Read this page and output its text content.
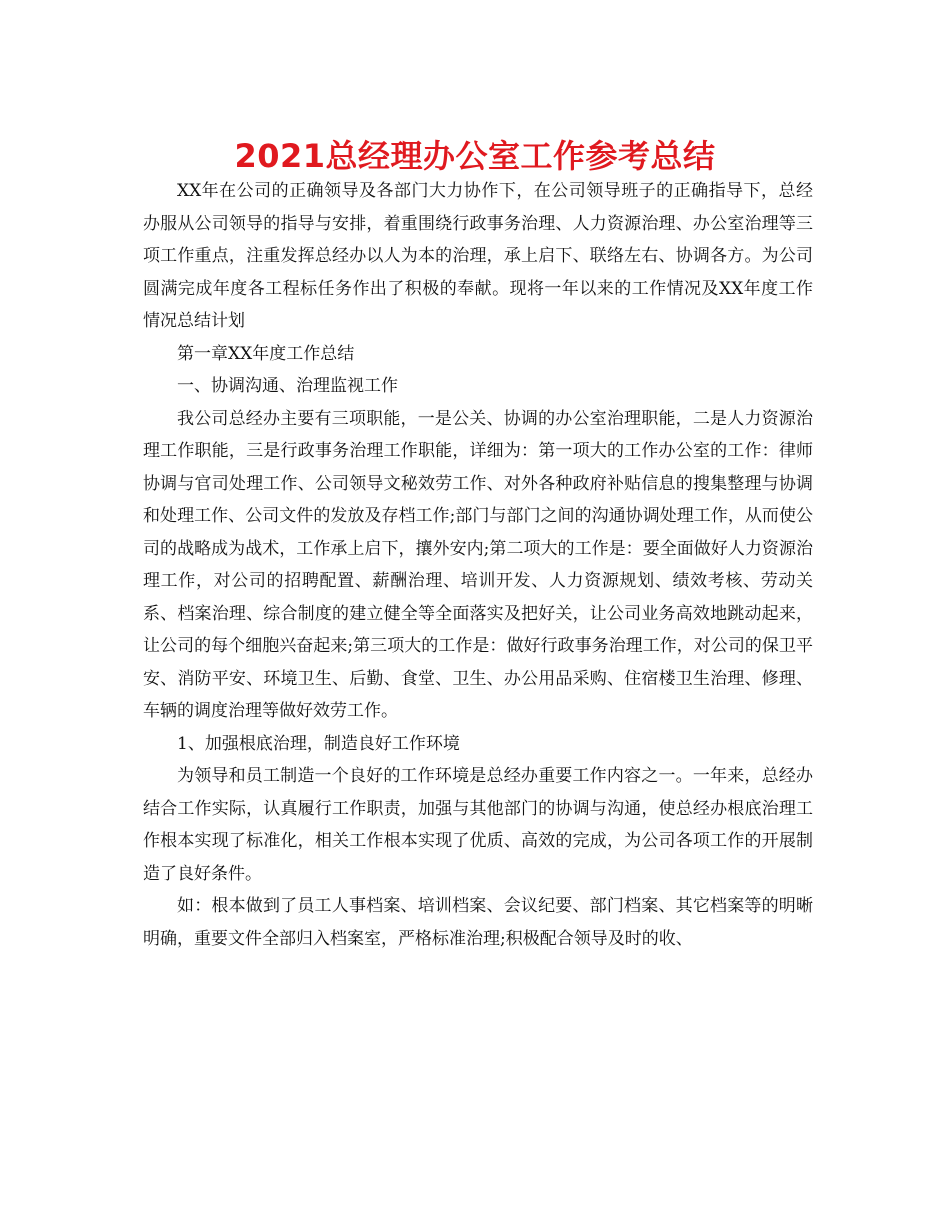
2021总经理办公室工作参考总结

XX年在公司的正确领导及各部门大力协作下，在公司领导班子的正确指导下，总经办服从公司领导的指导与安排，着重围绕行政事务治理、人力资源治理、办公室治理等三项工作重点，注重发挥总经办以人为本的治理，承上启下、联络左右、协调各方。为公司圆满完成年度各工程标任务作出了积极的奉献。现将一年以来的工作情况及XX年度工作情况总结计划

第一章XX年度工作总结

一、协调沟通、治理监视工作

我公司总经办主要有三项职能，一是公关、协调的办公室治理职能，二是人力资源治理工作职能，三是行政事务治理工作职能，详细为：第一项大的工作办公室的工作：律师协调与官司处理工作、公司领导文秘效劳工作、对外各种政府补贴信息的搜集整理与协调和处理工作、公司文件的发放及存档工作;部门与部门之间的沟通协调处理工作，从而使公司的战略成为战术，工作承上启下，攘外安内;第二项大的工作是：要全面做好人力资源治理工作，对公司的招聘配置、薪酬治理、培训开发、人力资源规划、绩效考核、劳动关系、档案治理、综合制度的建立健全等全面落实及把好关，让公司业务高效地跳动起来，让公司的每个细胞兴奋起来;第三项大的工作是：做好行政事务治理工作，对公司的保卫平安、消防平安、环境卫生、后勤、食堂、卫生、办公用品采购、住宿楼卫生治理、修理、车辆的调度治理等做好效劳工作。

1、加强根底治理，制造良好工作环境

为领导和员工制造一个良好的工作环境是总经办重要工作内容之一。一年来，总经办结合工作实际，认真履行工作职责，加强与其他部门的协调与沟通，使总经办根底治理工作根本实现了标准化，相关工作根本实现了优质、高效的完成，为公司各项工作的开展制造了良好条件。

如：根本做到了员工人事档案、培训档案、会议纪要、部门档案、其它档案等的明晰明确，重要文件全部归入档案室，严格标准治理;积极配合领导及时的收、
